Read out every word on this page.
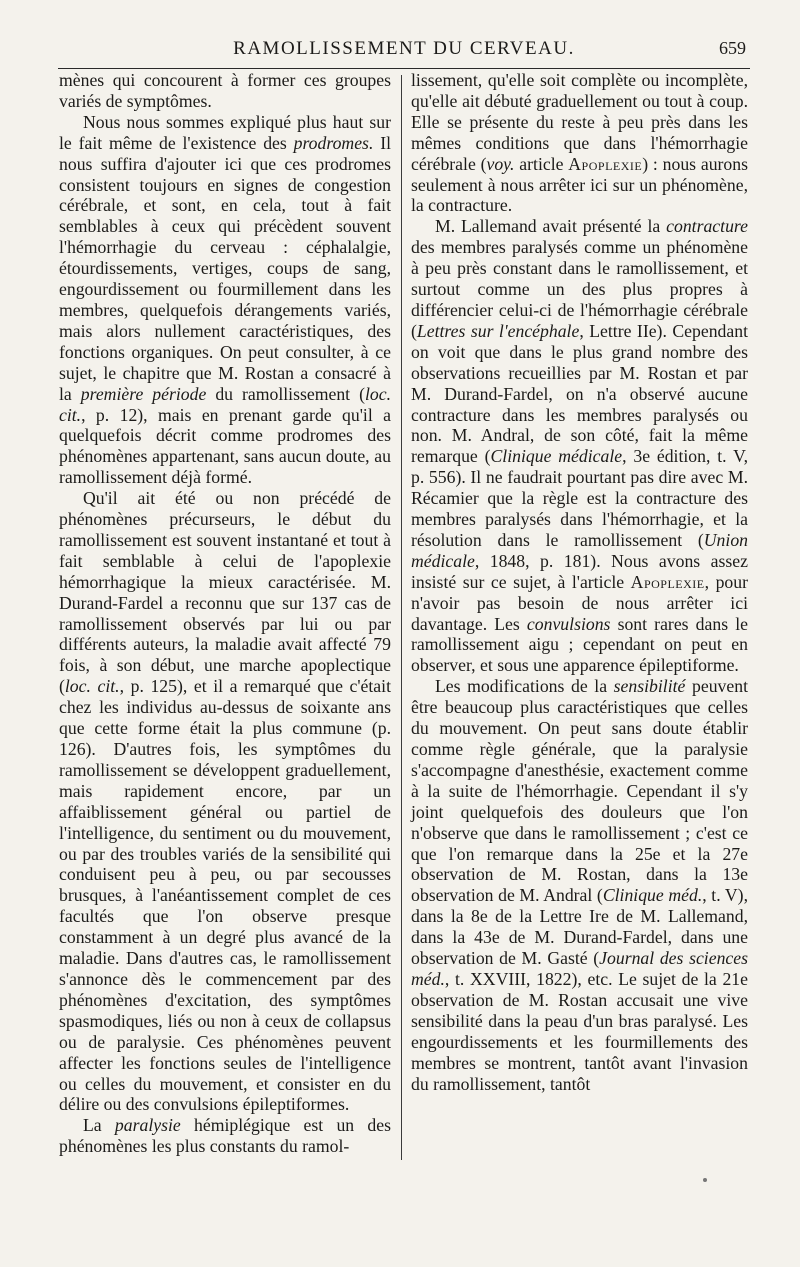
RAMOLLISSEMENT DU CERVEAU.	659

mènes qui concourent à former ces groupes variés de symptômes.

Nous nous sommes expliqué plus haut sur le fait même de l'existence des prodromes. Il nous suffira d'ajouter ici que ces prodromes consistent toujours en signes de congestion cérébrale, et sont, en cela, tout à fait semblables à ceux qui précèdent souvent l'hémorrhagie du cerveau : céphalalgie, étourdissements, vertiges, coups de sang, engourdissement ou fourmillement dans les membres, quelquefois dérangements variés, mais alors nullement caractéristiques, des fonctions organiques. On peut consulter, à ce sujet, le chapitre que M. Rostan a consacré à la première période du ramollissement (loc. cit., p. 12), mais en prenant garde qu'il a quelquefois décrit comme prodromes des phénomènes appartenant, sans aucun doute, au ramollissement déjà formé.

Qu'il ait été ou non précédé de phénomènes précurseurs, le début du ramollissement est souvent instantané et tout à fait semblable à celui de l'apoplexie hémorrhagique la mieux caractérisée. M. Durand-Fardel a reconnu que sur 137 cas de ramollissement observés par lui ou par différents auteurs, la maladie avait affecté 79 fois, à son début, une marche apoplectique (loc. cit., p. 125), et il a remarqué que c'était chez les individus au-dessus de soixante ans que cette forme était la plus commune (p. 126). D'autres fois, les symptômes du ramollissement se développent graduellement, mais rapidement encore, par un affaiblissement général ou partiel de l'intelligence, du sentiment ou du mouvement, ou par des troubles variés de la sensibilité qui conduisent peu à peu, ou par secousses brusques, à l'anéantissement complet de ces facultés que l'on observe presque constamment à un degré plus avancé de la maladie. Dans d'autres cas, le ramollissement s'annonce dès le commencement par des phénomènes d'excitation, des symptômes spasmodiques, liés ou non à ceux de collapsus ou de paralysie. Ces phénomènes peuvent affecter les fonctions seules de l'intelligence ou celles du mouvement, et consister en du délire ou des convulsions épileptiformes.

La paralysie hémiplégique est un des phénomènes les plus constants du ramol-

lissement, qu'elle soit complète ou incomplète, qu'elle ait débuté graduellement ou tout à coup. Elle se présente du reste à peu près dans les mêmes conditions que dans l'hémorrhagie cérébrale (voy. article Apoplexie) : nous aurons seulement à nous arrêter ici sur un phénomène, la contracture.

M. Lallemand avait présenté la contracture des membres paralysés comme un phénomène à peu près constant dans le ramollissement, et surtout comme un des plus propres à différencier celui-ci de l'hémorrhagie cérébrale (Lettres sur l'encéphale, Lettre IIe). Cependant on voit que dans le plus grand nombre des observations recueillies par M. Rostan et par M. Durand-Fardel, on n'a observé aucune contracture dans les membres paralysés ou non. M. Andral, de son côté, fait la même remarque (Clinique médicale, 3e édition, t. V, p. 556). Il ne faudrait pourtant pas dire avec M. Récamier que la règle est la contracture des membres paralysés dans l'hémorrhagie, et la résolution dans le ramollissement (Union médicale, 1848, p. 181). Nous avons assez insisté sur ce sujet, à l'article Apoplexie, pour n'avoir pas besoin de nous arrêter ici davantage. Les convulsions sont rares dans le ramollissement aigu ; cependant on peut en observer, et sous une apparence épileptiforme.

Les modifications de la sensibilité peuvent être beaucoup plus caractéristiques que celles du mouvement. On peut sans doute établir comme règle générale, que la paralysie s'accompagne d'anesthésie, exactement comme à la suite de l'hémorrhagie. Cependant il s'y joint quelquefois des douleurs que l'on n'observe que dans le ramollissement ; c'est ce que l'on remarque dans la 25e et la 27e observation de M. Rostan, dans la 13e observation de M. Andral (Clinique méd., t. V), dans la 8e de la Lettre Ire de M. Lallemand, dans la 43e de M. Durand-Fardel, dans une observation de M. Gasté (Journal des sciences méd., t. XXVIII, 1822), etc. Le sujet de la 21e observation de M. Rostan accusait une vive sensibilité dans la peau d'un bras paralysé. Les engourdissements et les fourmillements des membres se montrent, tantôt avant l'invasion du ramollissement, tantôt
